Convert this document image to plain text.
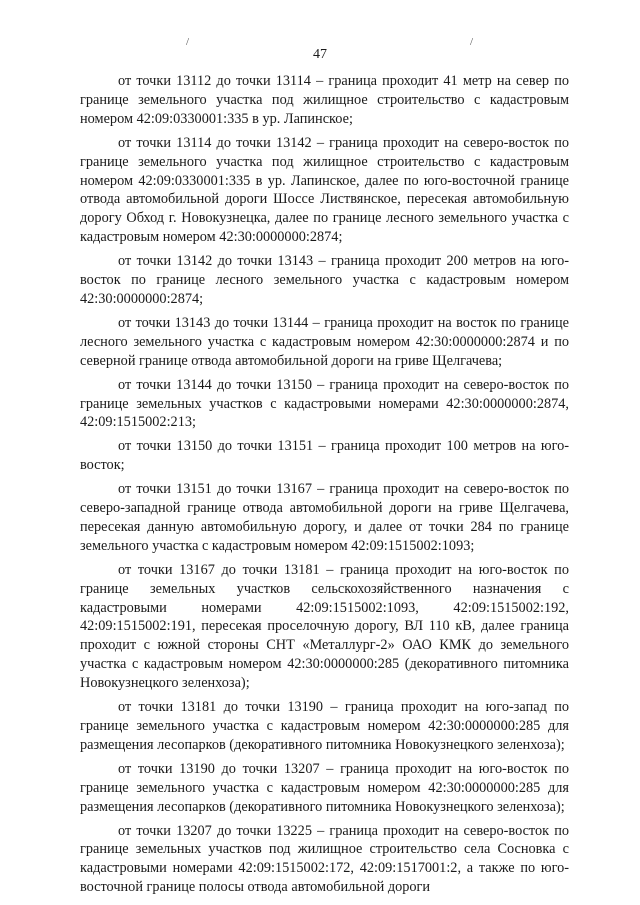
/	/
47

от точки 13112 до точки 13114 – граница проходит 41 метр на север по границе земельного участка под жилищное строительство с кадастровым номером 42:09:0330001:335 в ур. Лапинское;

от точки 13114 до точки 13142 – граница проходит на северо-восток по границе земельного участка под жилищное строительство с кадастровым номером 42:09:0330001:335 в ур. Лапинское, далее по юго-восточной границе отвода автомобильной дороги Шоссе Листвянское, пересекая автомобильную дорогу Обход г. Новокузнецка, далее по границе лесного земельного участка с кадастровым номером 42:30:0000000:2874;

от точки 13142 до точки 13143 – граница проходит 200 метров на юго-восток по границе лесного земельного участка с кадастровым номером 42:30:0000000:2874;

от точки 13143 до точки 13144 – граница проходит на восток по границе лесного земельного участка с кадастровым номером 42:30:0000000:2874 и по северной границе отвода автомобильной дороги на гриве Щелгачева;

от точки 13144 до точки 13150 – граница проходит на северо-восток по границе земельных участков с кадастровыми номерами 42:30:0000000:2874, 42:09:1515002:213;

от точки 13150 до точки 13151 – граница проходит 100 метров на юго-восток;

от точки 13151 до точки 13167 – граница проходит на северо-восток по северо-западной границе отвода автомобильной дороги на гриве Щелгачева, пересекая данную автомобильную дорогу, и далее от точки 284 по границе земельного участка с кадастровым номером 42:09:1515002:1093;

от точки 13167 до точки 13181 – граница проходит на юго-восток по границе земельных участков сельскохозяйственного назначения с кадастровыми номерами 42:09:1515002:1093, 42:09:1515002:192, 42:09:1515002:191, пересекая проселочную дорогу, ВЛ 110 кВ, далее граница проходит с южной стороны СНТ «Металлург-2» ОАО КМК до земельного участка с кадастровым номером 42:30:0000000:285 (декоративного питомника Новокузнецкого зеленхоза);

от точки 13181 до точки 13190 – граница проходит на юго-запад по границе земельного участка с кадастровым номером 42:30:0000000:285 для размещения лесопарков (декоративного питомника Новокузнецкого зеленхоза);

от точки 13190 до точки 13207 – граница проходит на юго-восток по границе земельного участка с кадастровым номером 42:30:0000000:285 для размещения лесопарков (декоративного питомника Новокузнецкого зеленхоза);

от точки 13207 до точки 13225 – граница проходит на северо-восток по границе земельных участков под жилищное строительство села Сосновка с кадастровыми номерами 42:09:1515002:172, 42:09:1517001:2, а также по юго-восточной границе полосы отвода автомобильной дороги
